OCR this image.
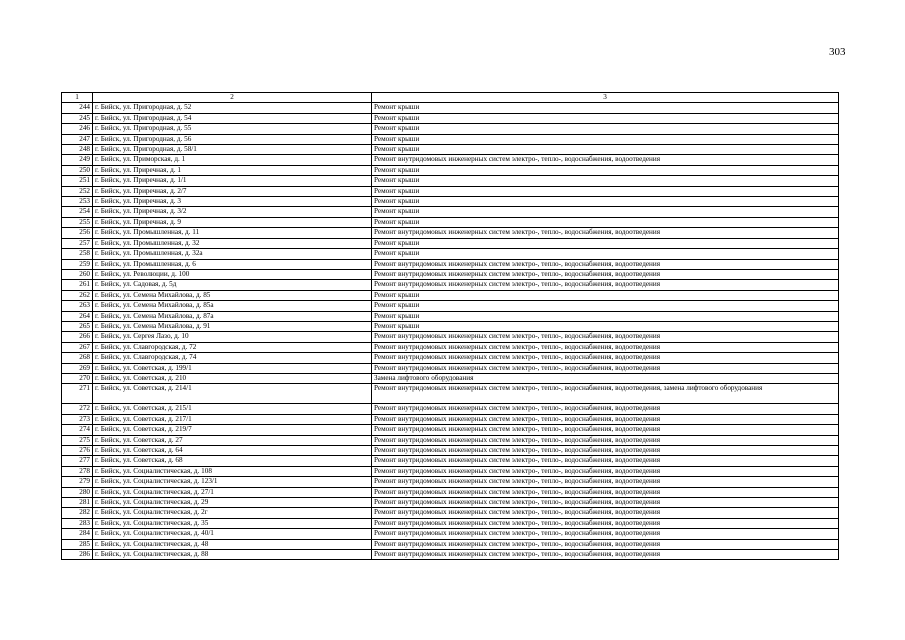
303
1	2	3
244	г. Бийск, ул. Пригородная, д. 52	Ремонт крыши
245	г. Бийск, ул. Пригородная, д. 54	Ремонт крыши
246	г. Бийск, ул. Пригородная, д. 55	Ремонт крыши
247	г. Бийск, ул. Пригородная, д. 56	Ремонт крыши
248	г. Бийск, ул. Пригородная, д. 58/1	Ремонт крыши
249	г. Бийск, ул. Приморская, д. 1	Ремонт внутридомовых инженерных систем электро-, тепло-, водоснабжения, водоотведения
250	г. Бийск, ул. Приречная, д. 1	Ремонт крыши
251	г. Бийск, ул. Приречная, д. 1/1	Ремонт крыши
252	г. Бийск, ул. Приречная, д. 2/7	Ремонт крыши
253	г. Бийск, ул. Приречная, д. 3	Ремонт крыши
254	г. Бийск, ул. Приречная, д. 3/2	Ремонт крыши
255	г. Бийск, ул. Приречная, д. 9	Ремонт крыши
256	г. Бийск, ул. Промышленная, д. 11	Ремонт внутридомовых инженерных систем электро-, тепло-, водоснабжения, водоотведения
257	г. Бийск, ул. Промышленная, д. 32	Ремонт крыши
258	г. Бийск, ул. Промышленная, д. 32а	Ремонт крыши
259	г. Бийск, ул. Промышленная, д. 6	Ремонт внутридомовых инженерных систем электро-, тепло-, водоснабжения, водоотведения
260	г. Бийск, ул. Революции, д. 100	Ремонт внутридомовых инженерных систем электро-, тепло-, водоснабжения, водоотведения
261	г. Бийск, ул. Садовая, д. 5д	Ремонт внутридомовых инженерных систем электро-, тепло-, водоснабжения, водоотведения
262	г. Бийск, ул. Семена Михайлова, д. 85	Ремонт крыши
263	г. Бийск, ул. Семена Михайлова, д. 85а	Ремонт крыши
264	г. Бийск, ул. Семена Михайлова, д. 87а	Ремонт крыши
265	г. Бийск, ул. Семена Михайлова, д. 91	Ремонт крыши
266	г. Бийск, ул. Сергея Лазо, д. 10	Ремонт внутридомовых инженерных систем электро-, тепло-, водоснабжения, водоотведения
267	г. Бийск, ул. Славгородская, д. 72	Ремонт внутридомовых инженерных систем электро-, тепло-, водоснабжения, водоотведения
268	г. Бийск, ул. Славгородская, д. 74	Ремонт внутридомовых инженерных систем электро-, тепло-, водоснабжения, водоотведения
269	г. Бийск, ул. Советская, д. 199/1	Ремонт внутридомовых инженерных систем электро-, тепло-, водоснабжения, водоотведения
270	г. Бийск, ул. Советская, д. 210	Замена лифтового оборудования
271	г. Бийск, ул. Советская, д. 214/1	Ремонт внутридомовых инженерных систем электро-, тепло-, водоснабжения, водоотведения, замена лифтового оборудования
272	г. Бийск, ул. Советская, д. 215/1	Ремонт внутридомовых инженерных систем электро-, тепло-, водоснабжения, водоотведения
273	г. Бийск, ул. Советская, д. 217/1	Ремонт внутридомовых инженерных систем электро-, тепло-, водоснабжения, водоотведения
274	г. Бийск, ул. Советская, д. 219/7	Ремонт внутридомовых инженерных систем электро-, тепло-, водоснабжения, водоотведения
275	г. Бийск, ул. Советская, д. 27	Ремонт внутридомовых инженерных систем электро-, тепло-, водоснабжения, водоотведения
276	г. Бийск, ул. Советская, д. 64	Ремонт внутридомовых инженерных систем электро-, тепло-, водоснабжения, водоотведения
277	г. Бийск, ул. Советская, д. 68	Ремонт внутридомовых инженерных систем электро-, тепло-, водоснабжения, водоотведения
278	г. Бийск, ул. Социалистическая, д. 108	Ремонт внутридомовых инженерных систем электро-, тепло-, водоснабжения, водоотведения
279	г. Бийск, ул. Социалистическая, д. 123/1	Ремонт внутридомовых инженерных систем электро-, тепло-, водоснабжения, водоотведения
280	г. Бийск, ул. Социалистическая, д. 27/1	Ремонт внутридомовых инженерных систем электро-, тепло-, водоснабжения, водоотведения
281	г. Бийск, ул. Социалистическая, д. 29	Ремонт внутридомовых инженерных систем электро-, тепло-, водоснабжения, водоотведения
282	г. Бийск, ул. Социалистическая, д. 2г	Ремонт внутридомовых инженерных систем электро-, тепло-, водоснабжения, водоотведения
283	г. Бийск, ул. Социалистическая, д. 35	Ремонт внутридомовых инженерных систем электро-, тепло-, водоснабжения, водоотведения
284	г. Бийск, ул. Социалистическая, д. 40/1	Ремонт внутридомовых инженерных систем электро-, тепло-, водоснабжения, водоотведения
285	г. Бийск, ул. Социалистическая, д. 48	Ремонт внутридомовых инженерных систем электро-, тепло-, водоснабжения, водоотведения
286	г. Бийск, ул. Социалистическая, д. 88	Ремонт внутридомовых инженерных систем электро-, тепло-, водоснабжения, водоотведения
